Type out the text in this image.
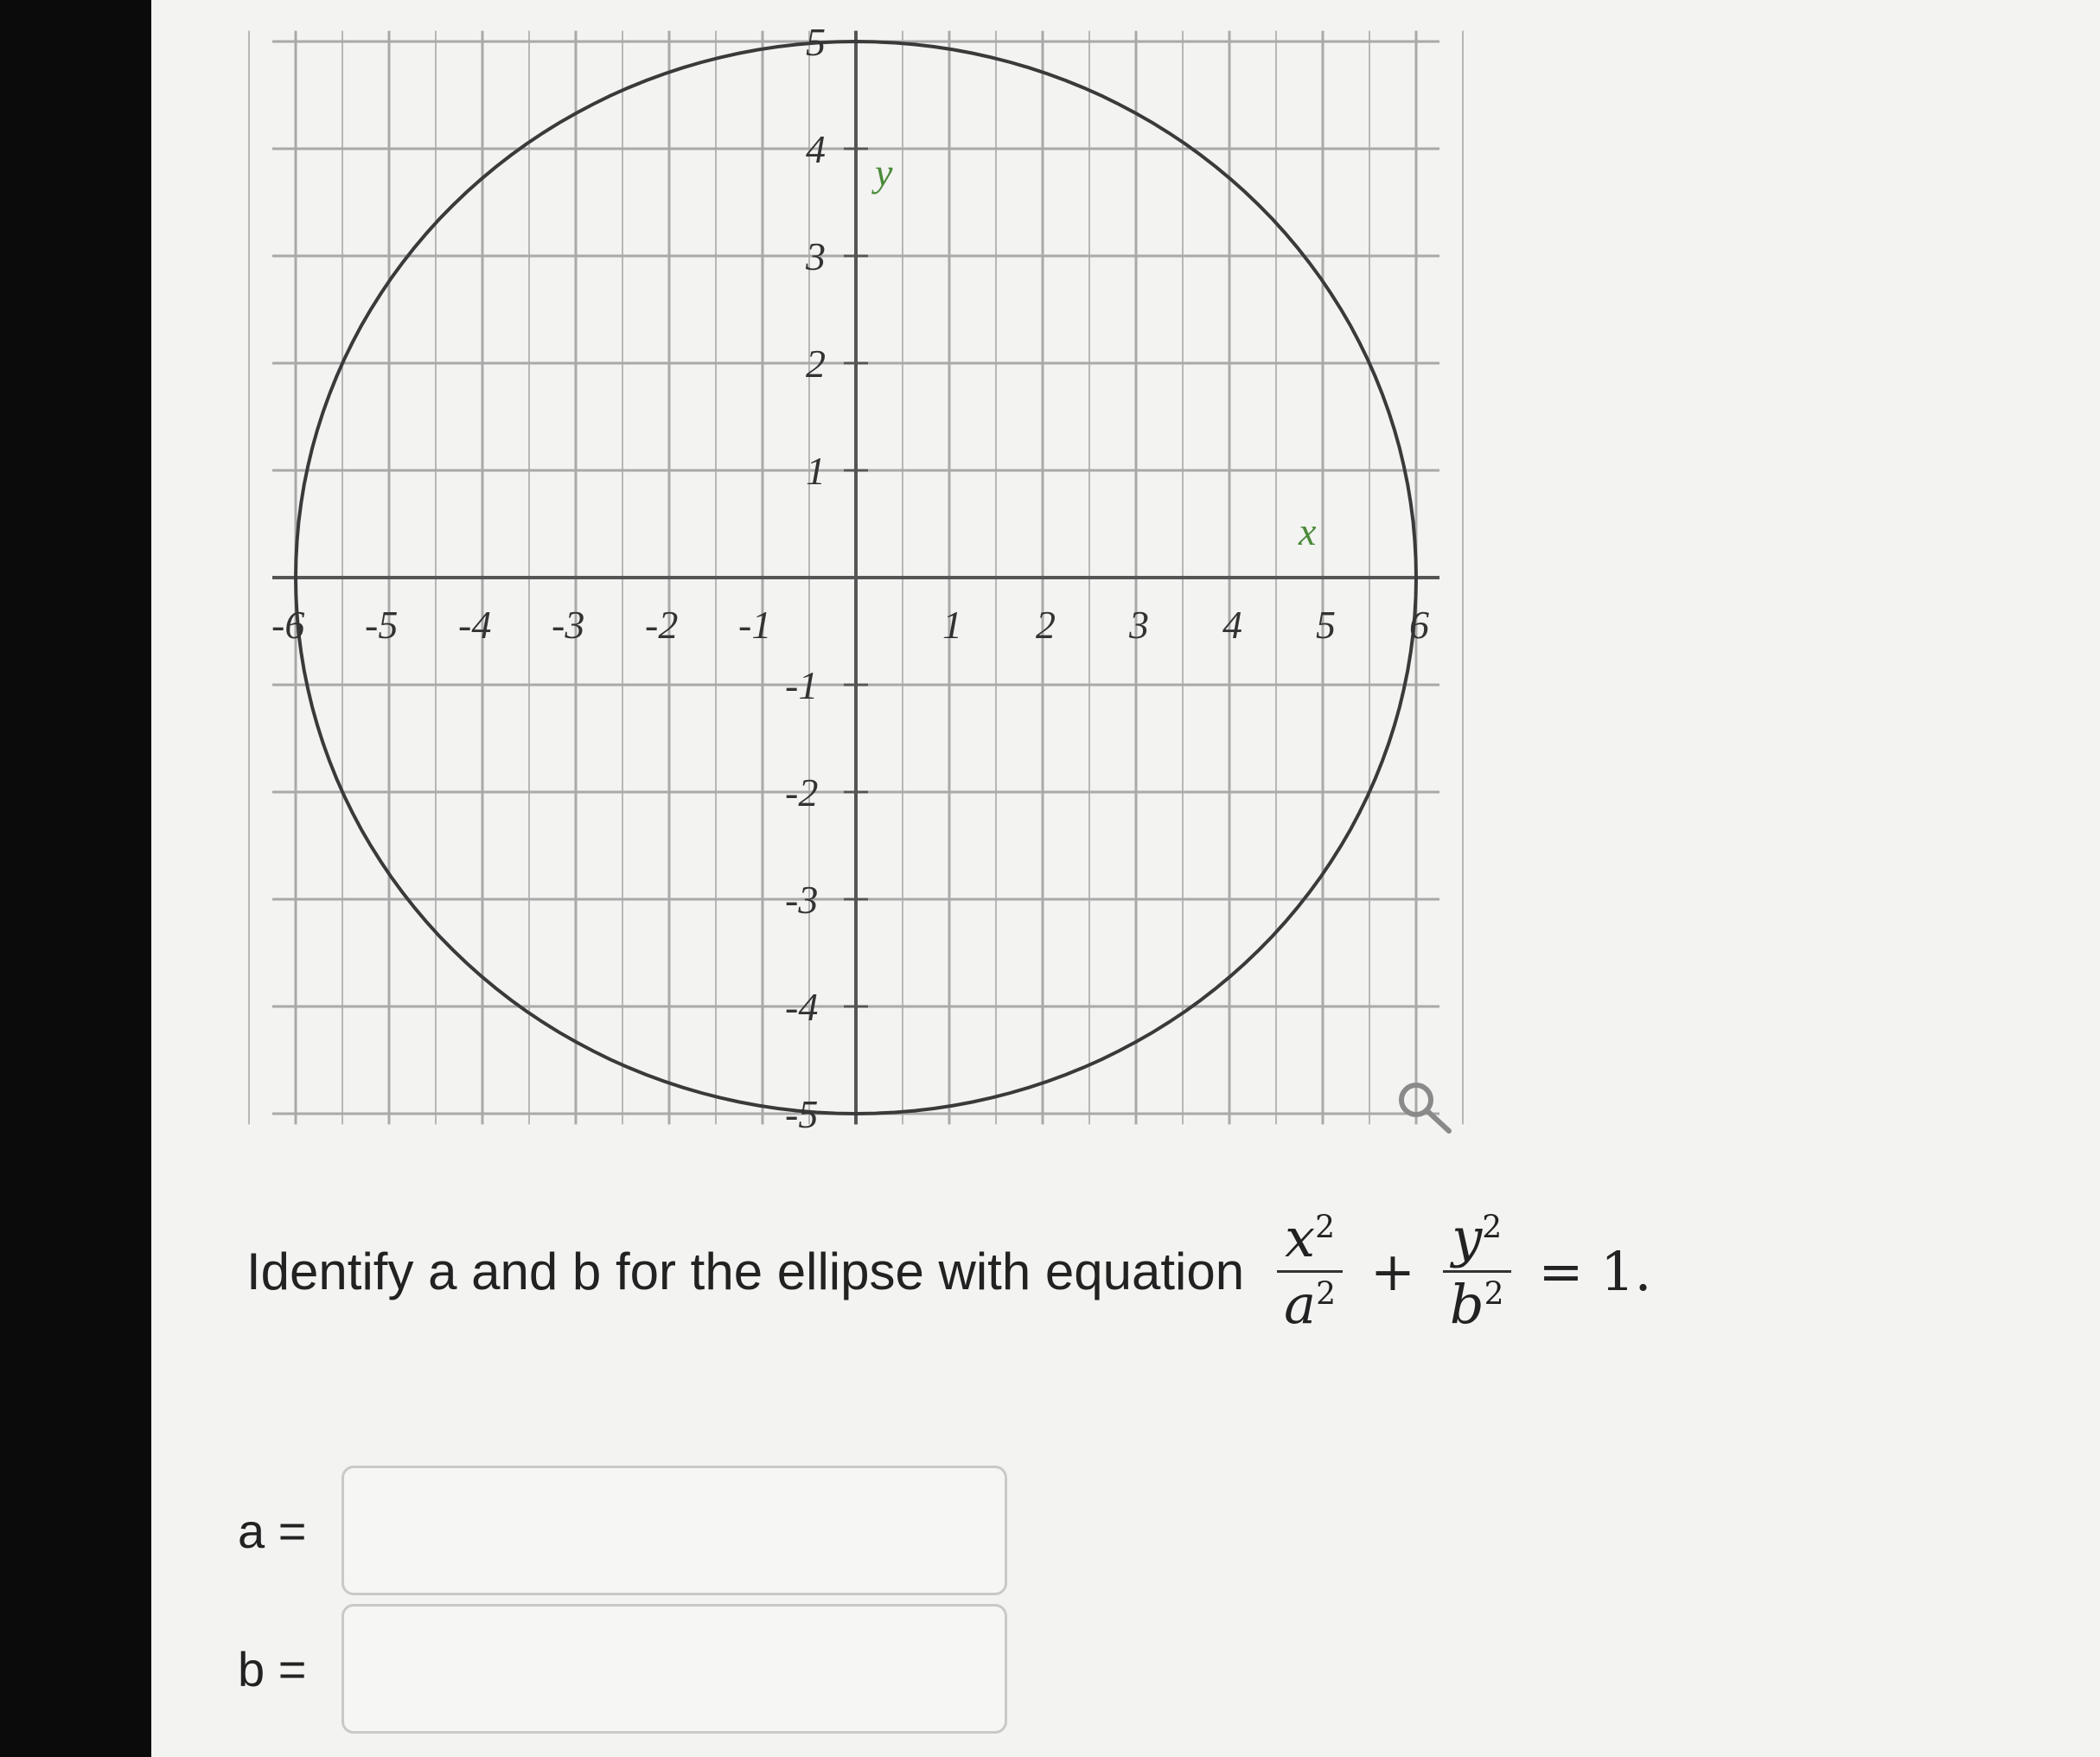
-6 -5 -4 -3 -2 -1	1 2 3 4 5 6
5
4
3
2
1
-1
-2
-3
-4
-5
x
y
Identify a and b for the ellipse with equation $\frac{x^2}{a^2} + \frac{y^2}{b^2} = 1$.
a =
b =
